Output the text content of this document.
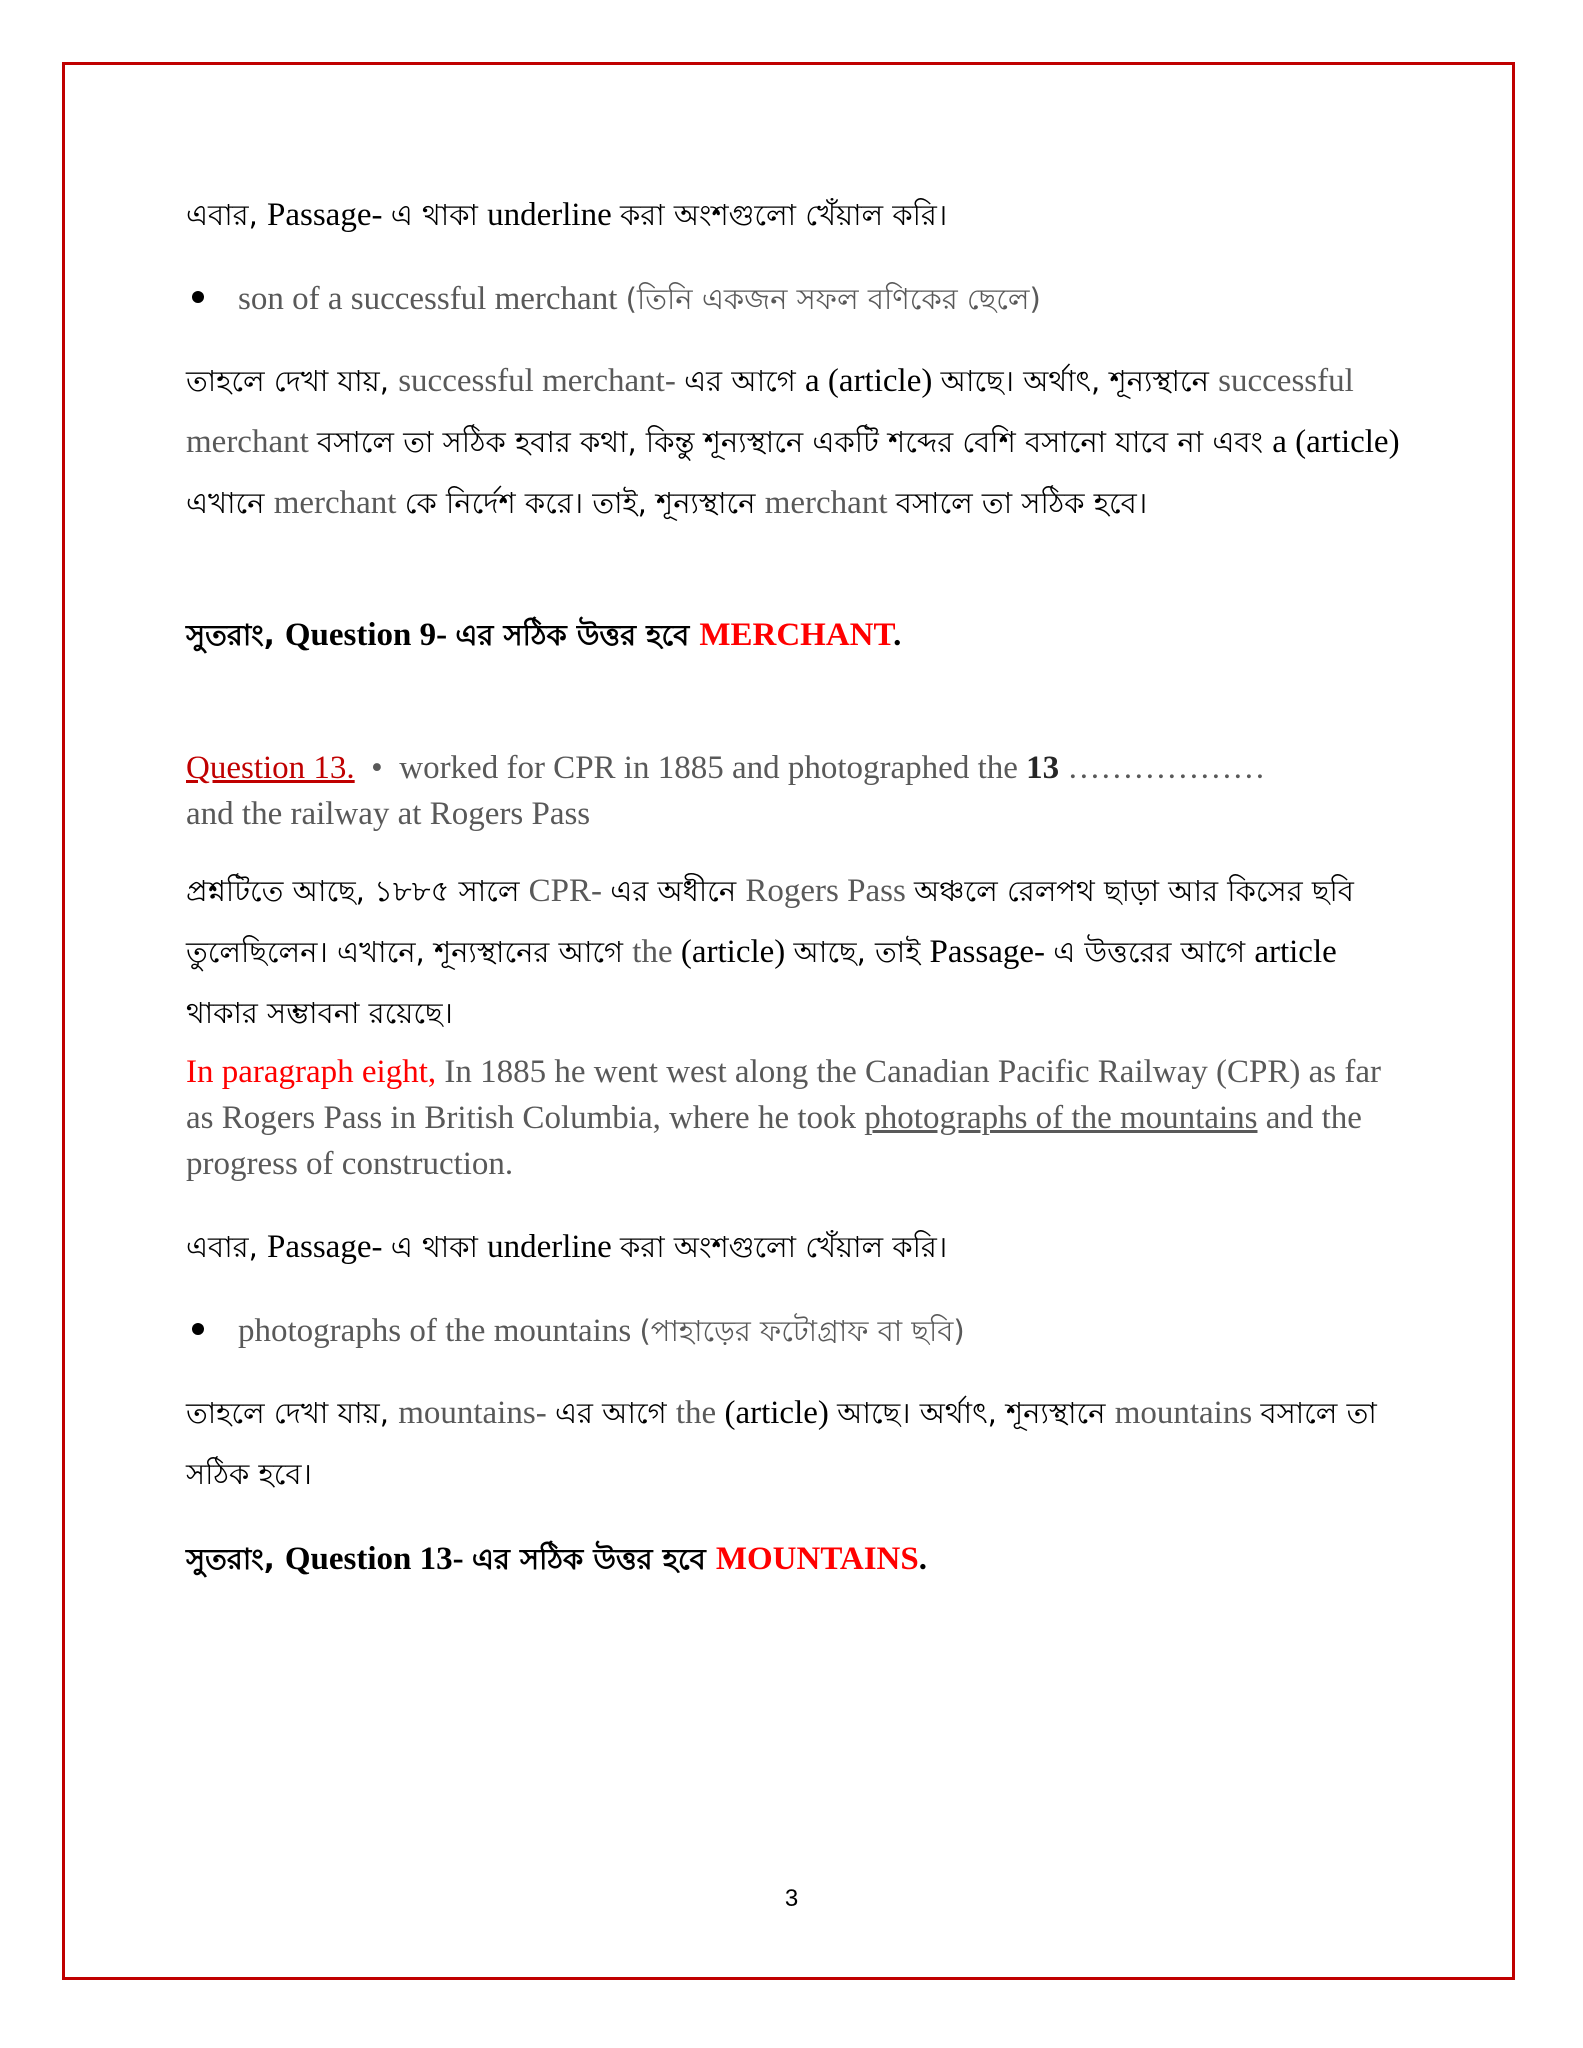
এবার, Passage- এ থাকা underline করা অংশগুলো খেঁয়াল করি।

son of a successful merchant (তিনি একজন সফল বণিকের ছেলে)

তাহলে দেখা যায়, successful merchant- এর আগে a (article) আছে। অর্থাৎ, শূন্যস্থানে successful merchant বসালে তা সঠিক হবার কথা, কিন্তু শূন্যস্থানে একটি শব্দের বেশি বসানো যাবে না এবং a (article) এখানে merchant কে নির্দেশ করে। তাই, শূন্যস্থানে merchant বসালে তা সঠিক হবে।

সুতরাং, Question 9- এর সঠিক উত্তর হবে MERCHANT.

Question 13. • worked for CPR in 1885 and photographed the 13 ………………
and the railway at Rogers Pass

প্রশ্নটিতে আছে, ১৮৮৫ সালে CPR- এর অধীনে Rogers Pass অঞ্চলে রেলপথ ছাড়া আর কিসের ছবি তুলেছিলেন। এখানে, শূন্যস্থানের আগে the (article) আছে, তাই Passage- এ উত্তরের আগে article থাকার সম্ভাবনা রয়েছে।

In paragraph eight, In 1885 he went west along the Canadian Pacific Railway (CPR) as far as Rogers Pass in British Columbia, where he took photographs of the mountains and the progress of construction.

এবার, Passage- এ থাকা underline করা অংশগুলো খেঁয়াল করি।

photographs of the mountains (পাহাড়ের ফটোগ্রাফ বা ছবি)

তাহলে দেখা যায়, mountains- এর আগে the (article) আছে। অর্থাৎ, শূন্যস্থানে mountains বসালে তা সঠিক হবে।

সুতরাং, Question 13- এর সঠিক উত্তর হবে MOUNTAINS.

3
